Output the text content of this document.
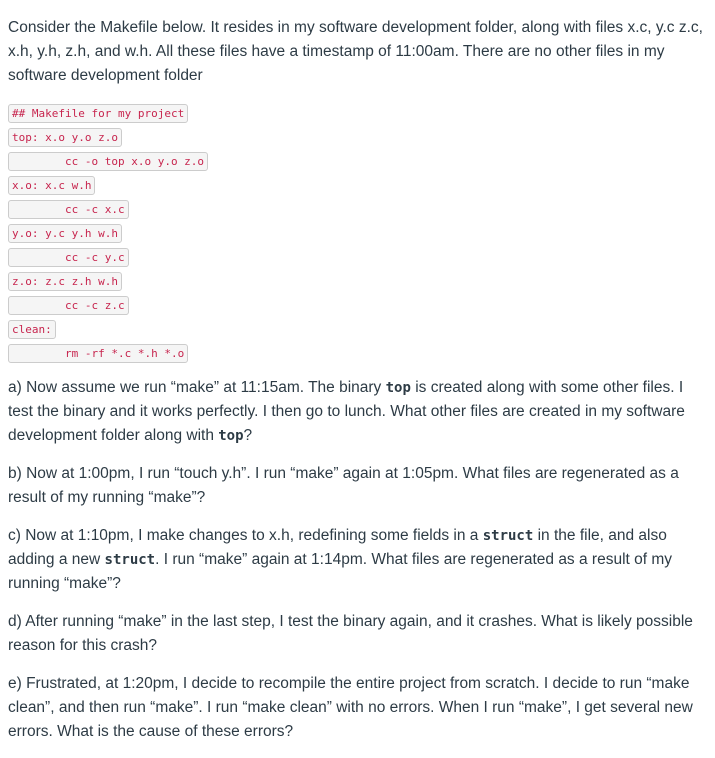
Consider the Makefile below. It resides in my software development folder, along with files x.c, y.c z.c, x.h, y.h, z.h, and w.h. All these files have a timestamp of 11:00am. There are no other files in my software development folder

## Makefile for my project
top: x.o y.o z.o
cc -o top x.o y.o z.o
x.o: x.c w.h
cc -c x.c
y.o: y.c y.h w.h
cc -c y.c
z.o: z.c z.h w.h
cc -c z.c
clean:
rm -rf *.c *.h *.o

a) Now assume we run “make” at 11:15am. The binary top is created along with some other files. I test the binary and it works perfectly. I then go to lunch. What other files are created in my software development folder along with top?

b) Now at 1:00pm, I run “touch y.h”. I run “make” again at 1:05pm. What files are regenerated as a result of my running “make”?

c) Now at 1:10pm, I make changes to x.h, redefining some fields in a struct in the file, and also adding a new struct. I run “make” again at 1:14pm. What files are regenerated as a result of my running “make”?

d) After running “make” in the last step, I test the binary again, and it crashes. What is likely possible reason for this crash?

e) Frustrated, at 1:20pm, I decide to recompile the entire project from scratch. I decide to run “make clean”, and then run “make”. I run “make clean” with no errors. When I run “make”, I get several new errors. What is the cause of these errors?
